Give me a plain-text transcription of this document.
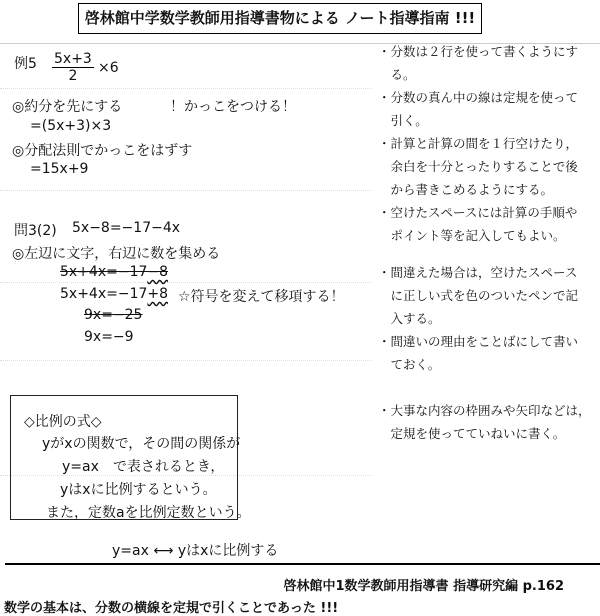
啓林館中学数学教師用指導書物による ノート指導指南 !!!
例$5 \frac{5x+3}{2} \times 6$
◎約分を先にする	！かっこをつける！
=(5x+3)×3
◎分配法則でかっこをはずす
=15x+9
問3(2) 5x−8=−17−4x
◎左辺に文字，右辺に数を集める
5x+4x=−17−8
5x+4x=−17+8 ☆符号を変えて移項する！
9x=−25
9x=−9
・分数は２行を使って書くようにす
　る。
・分数の真ん中の線は定規を使って
　引く。
・計算と計算の間を１行空けたり，
　余白を十分とったりすることで後
　から書きこめるようにする。
・空けたスペースには計算の手順や
　ポイント等を記入してもよい。
・間違えた場合は，空けたスペース
　に正しい式を色のついたペンで記
　入する。
・間違いの理由をことばにして書い
　ておく。
・大事な内容の枠囲みや矢印などは，
　定規を使ってていねいに書く。
◇比例の式◇
yがxの関数で，その間の関係が
y=ax　で表されるとき，
yはxに比例するという。
また，定数aを比例定数という。
y=ax ⟷ yはxに比例する
啓林館中1数学教師用指導書 指導研究編 p.162
数学の基本は、分数の横線を定規で引くことであった !!!
